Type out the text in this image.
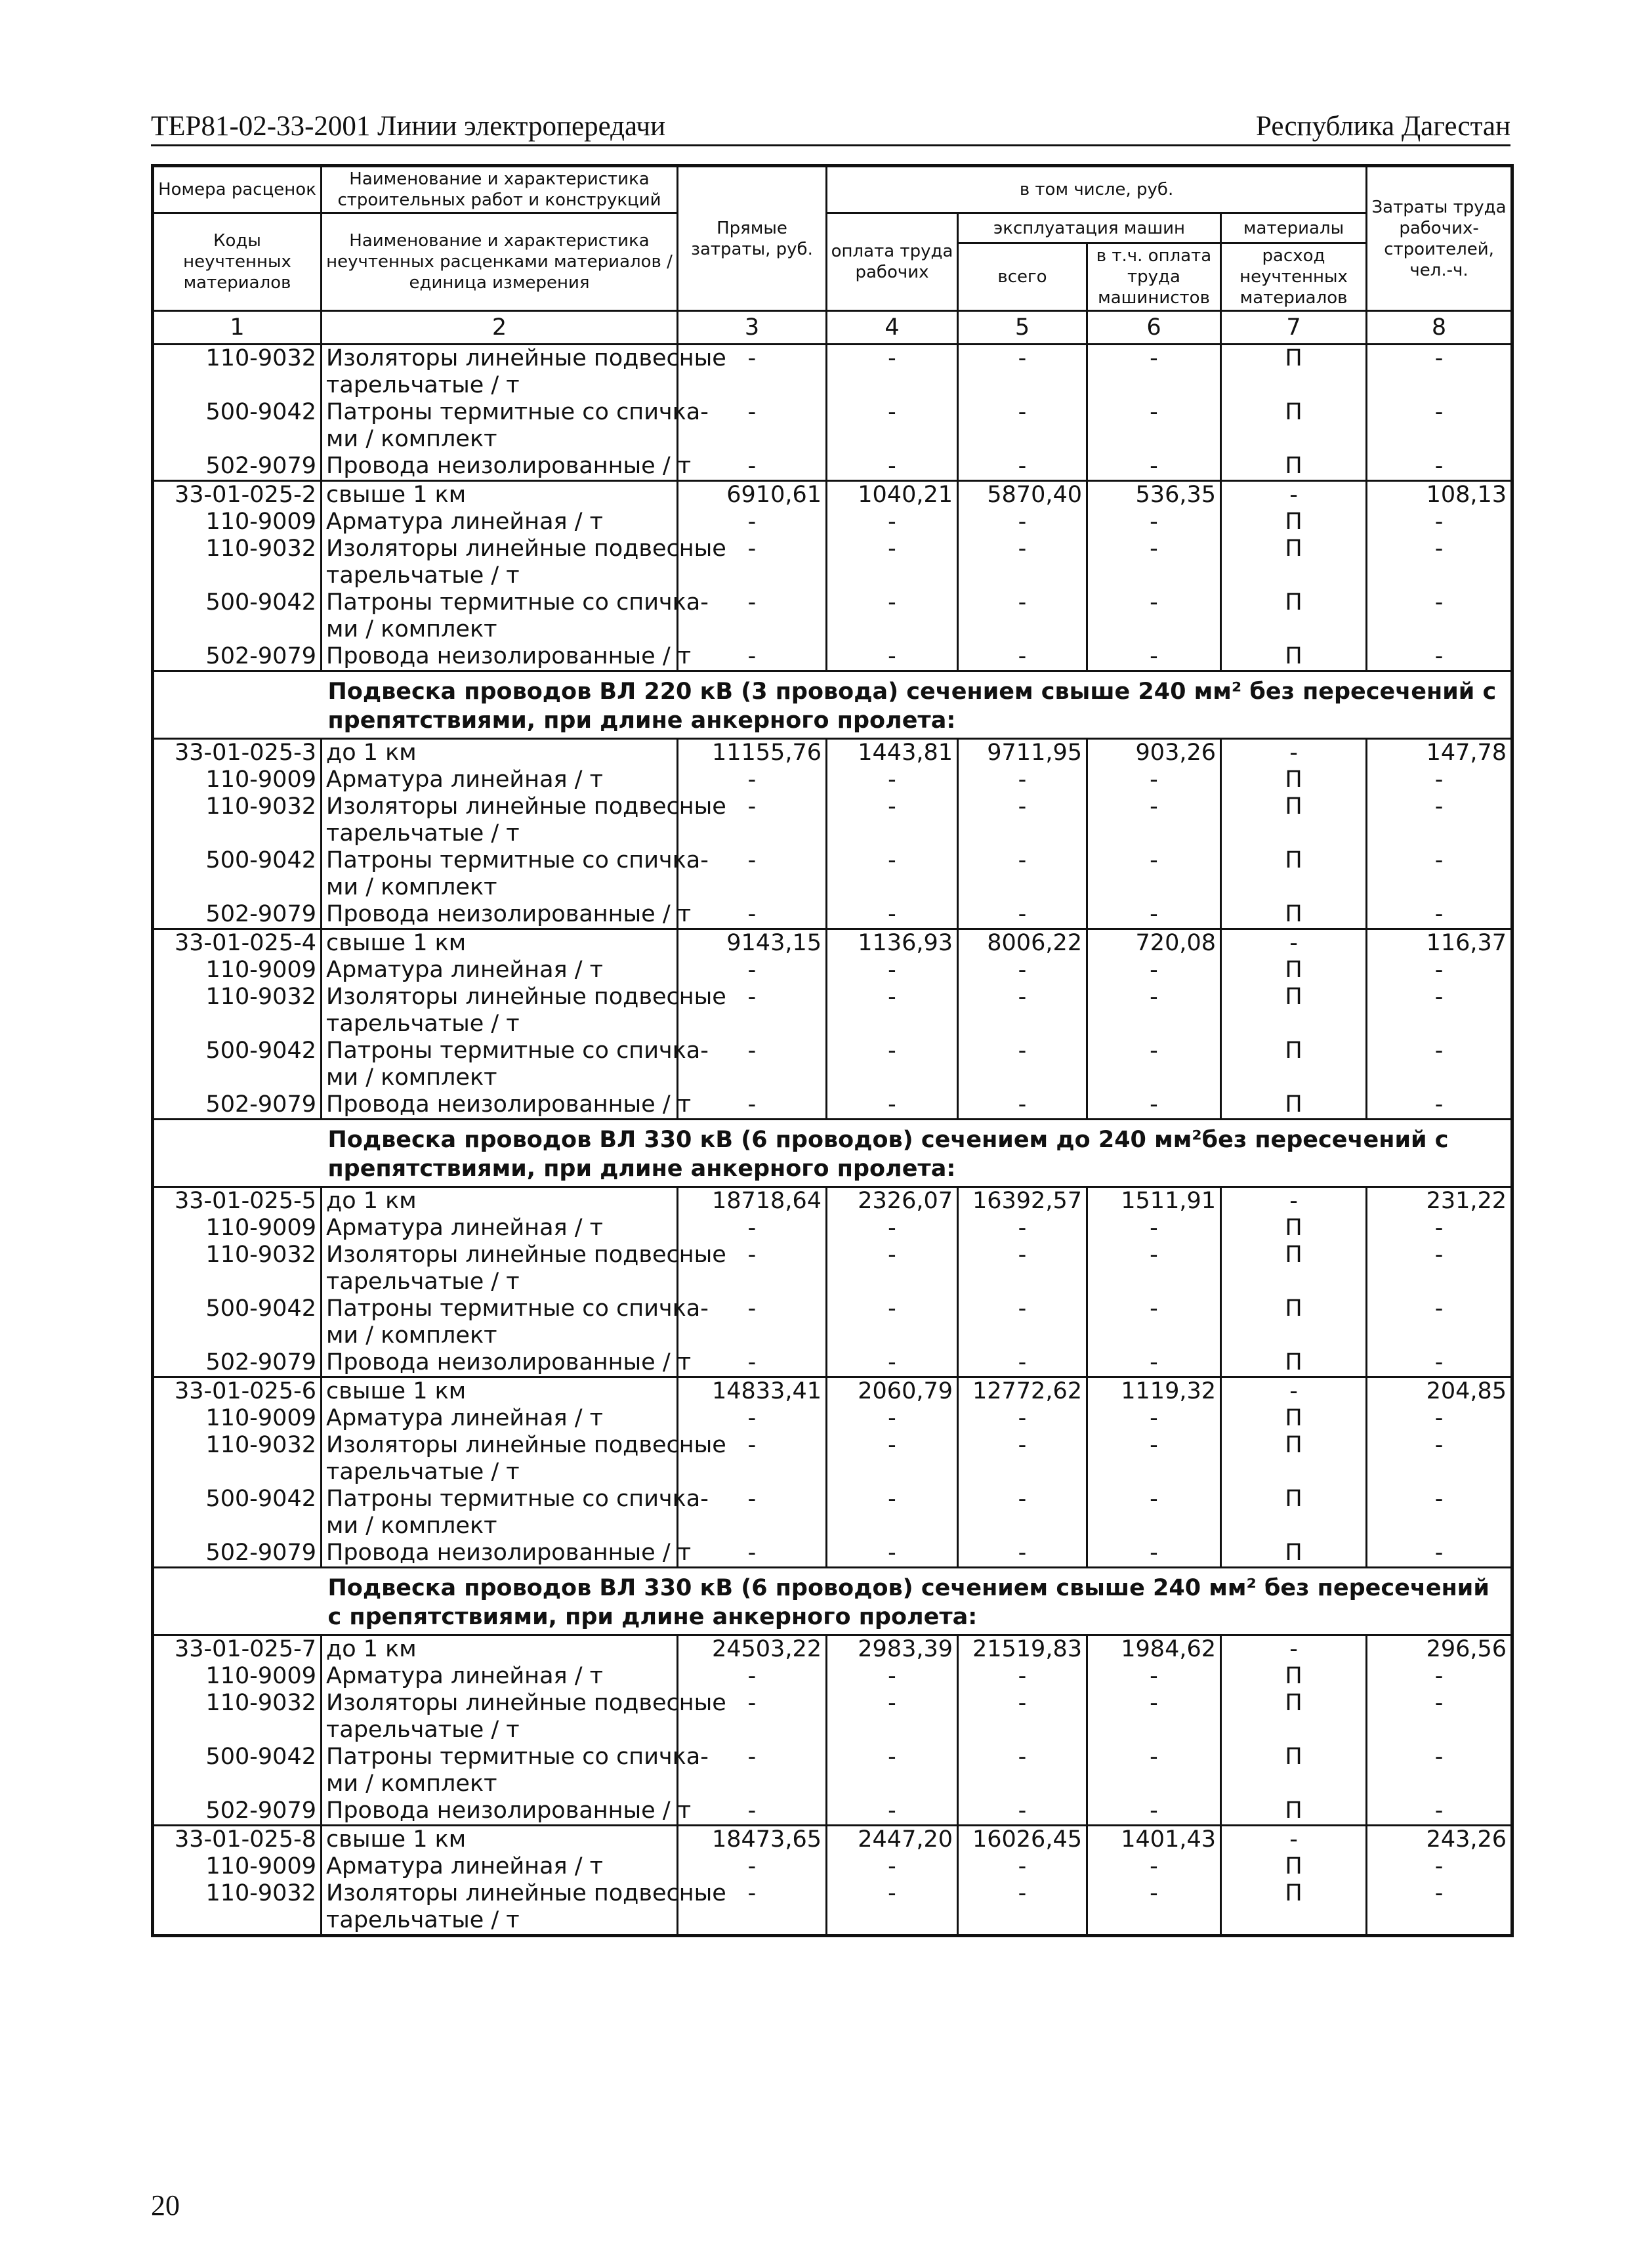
ТЕР81-02-33-2001 Линии электропередачи	Республика Дагестан
Номера расценок	Наименование и характеристика строительных работ и конструкций	Прямые затраты, руб.	в том числе, руб.				Затраты труда рабочих-строителей, чел.-ч.
Коды неучтенных материалов	Наименование и характеристика неучтенных расценками материалов / единица измерения		оплата труда рабочих	эксплуатация машин		материалы	
				всего	в т.ч. оплата труда машинистов	расход неучтенных материалов	

1	2	3	4	5	6	7	8
110-9032	Изоляторы линейные подвесные
тарельчатые / т	-	-	-	-	П	-
500-9042	Патроны термитные со спичка-
ми / комплект	-	-	-	-	П	-
502-9079	Провода неизолированные / т	-	-	-	-	П	-
33-01-025-2	свыше 1 км	6910,61	1040,21	5870,40	536,35	-	108,13
110-9009	Арматура линейная / т	-	-	-	-	П	-
110-9032	Изоляторы линейные подвесные
тарельчатые / т	-	-	-	-	П	-
500-9042	Патроны термитные со спичка-
ми / комплект	-	-	-	-	П	-
502-9079	Провода неизолированные / т	-	-	-	-	П	-
	Подвеска проводов ВЛ 220 кВ (3 провода) сечением свыше 240 мм² без пересечений с препятствиями, при длине анкерного пролета:						
33-01-025-3	до 1 км	11155,76	1443,81	9711,95	903,26	-	147,78
110-9009	Арматура линейная / т	-	-	-	-	П	-
110-9032	Изоляторы линейные подвесные
тарельчатые / т	-	-	-	-	П	-
500-9042	Патроны термитные со спичка-
ми / комплект	-	-	-	-	П	-
502-9079	Провода неизолированные / т	-	-	-	-	П	-
33-01-025-4	свыше 1 км	9143,15	1136,93	8006,22	720,08	-	116,37
110-9009	Арматура линейная / т	-	-	-	-	П	-
110-9032	Изоляторы линейные подвесные
тарельчатые / т	-	-	-	-	П	-
500-9042	Патроны термитные со спичка-
ми / комплект	-	-	-	-	П	-
502-9079	Провода неизолированные / т	-	-	-	-	П	-
	Подвеска проводов ВЛ 330 кВ (6 проводов) сечением до 240 мм²без пересечений с препятствиями, при длине анкерного пролета:						
33-01-025-5	до 1 км	18718,64	2326,07	16392,57	1511,91	-	231,22
110-9009	Арматура линейная / т	-	-	-	-	П	-
110-9032	Изоляторы линейные подвесные
тарельчатые / т	-	-	-	-	П	-
500-9042	Патроны термитные со спичка-
ми / комплект	-	-	-	-	П	-
502-9079	Провода неизолированные / т	-	-	-	-	П	-
33-01-025-6	свыше 1 км	14833,41	2060,79	12772,62	1119,32	-	204,85
110-9009	Арматура линейная / т	-	-	-	-	П	-
110-9032	Изоляторы линейные подвесные
тарельчатые / т	-	-	-	-	П	-
500-9042	Патроны термитные со спичка-
ми / комплект	-	-	-	-	П	-
502-9079	Провода неизолированные / т	-	-	-	-	П	-
	Подвеска проводов ВЛ 330 кВ (6 проводов) сечением свыше 240 мм² без пересечений с препятствиями, при длине анкерного пролета:						
33-01-025-7	до 1 км	24503,22	2983,39	21519,83	1984,62	-	296,56
110-9009	Арматура линейная / т	-	-	-	-	П	-
110-9032	Изоляторы линейные подвесные
тарельчатые / т	-	-	-	-	П	-
500-9042	Патроны термитные со спичка-
ми / комплект	-	-	-	-	П	-
502-9079	Провода неизолированные / т	-	-	-	-	П	-
33-01-025-8	свыше 1 км	18473,65	2447,20	16026,45	1401,43	-	243,26
110-9009	Арматура линейная / т	-	-	-	-	П	-
110-9032	Изоляторы линейные подвесные
тарельчатые / т	-	-	-	-	П	-
20
